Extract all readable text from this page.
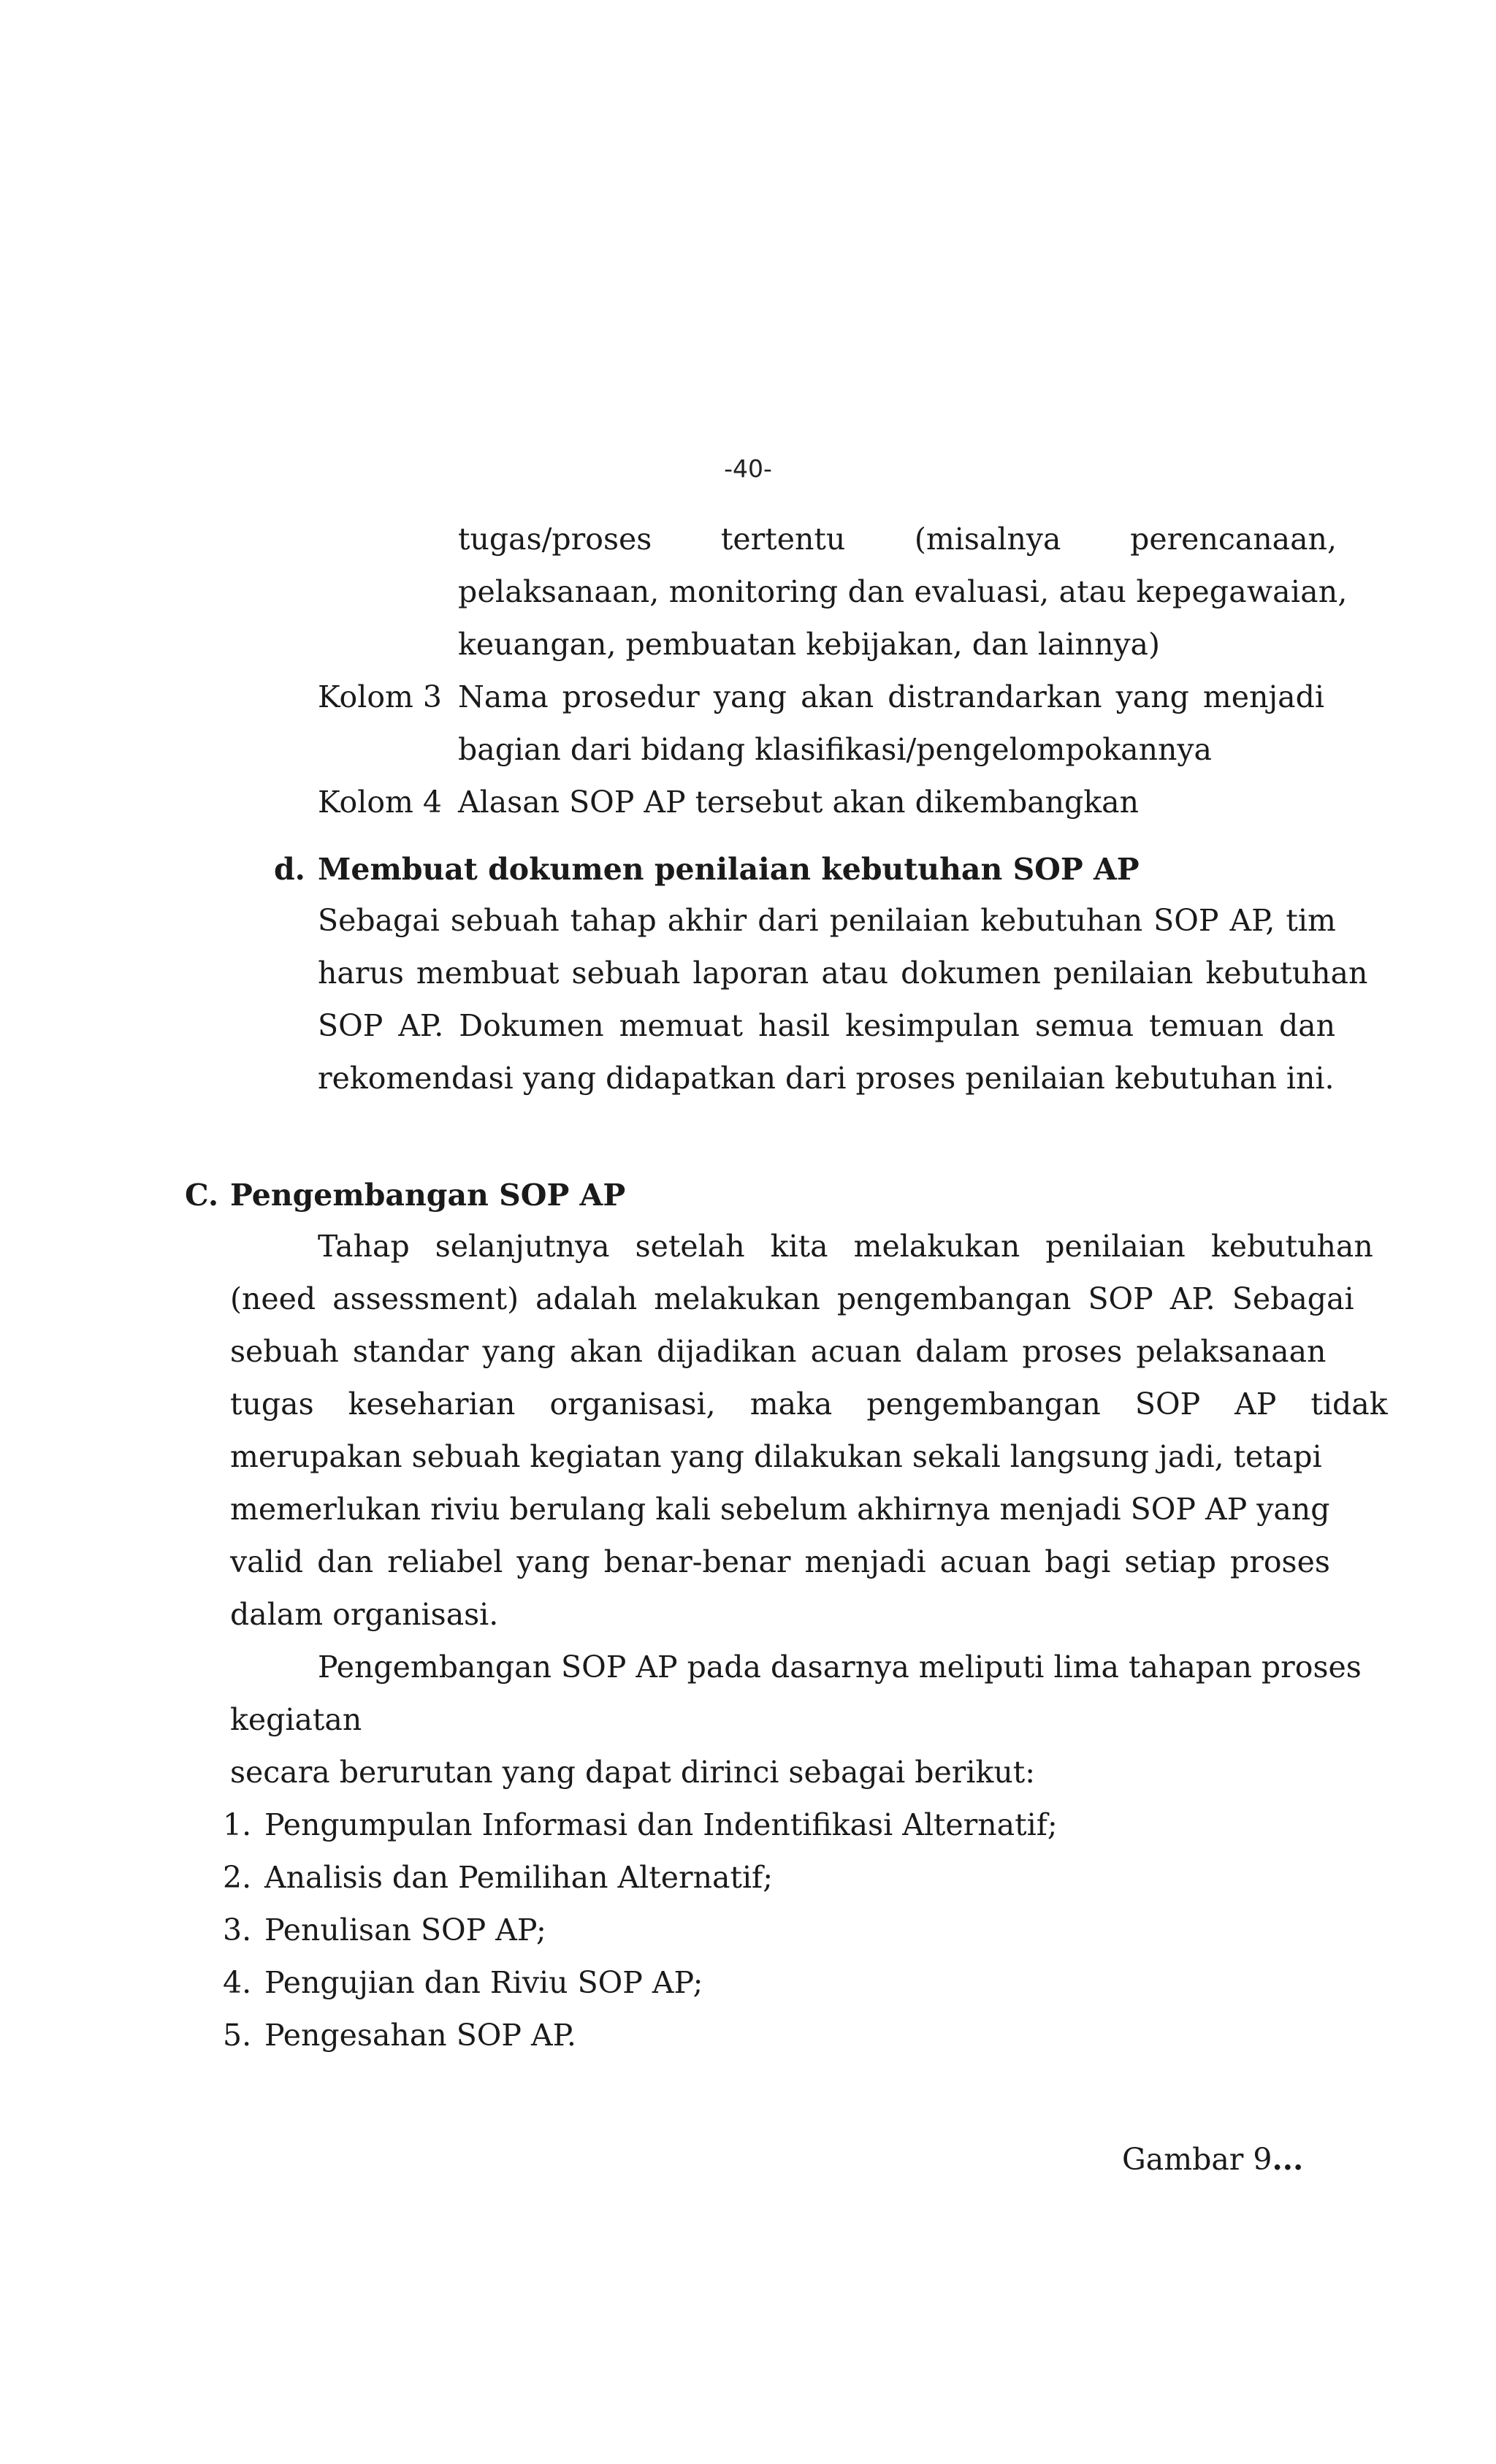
-40-
tugas/proses tertentu (misalnya perencanaan,
pelaksanaan, monitoring dan evaluasi, atau kepegawaian,
keuangan, pembuatan kebijakan, dan lainnya)
Kolom 3 Nama prosedur yang akan distrandarkan yang menjadi
bagian dari bidang klasifikasi/pengelompokannya
Kolom 4 Alasan SOP AP tersebut akan dikembangkan
d. Membuat dokumen penilaian kebutuhan SOP AP
Sebagai sebuah tahap akhir dari penilaian kebutuhan SOP AP, tim
harus membuat sebuah laporan atau dokumen penilaian kebutuhan
SOP AP. Dokumen memuat hasil kesimpulan semua temuan dan
rekomendasi yang didapatkan dari proses penilaian kebutuhan ini.
C. Pengembangan SOP AP
Tahap selanjutnya setelah kita melakukan penilaian kebutuhan
(need assessment) adalah melakukan pengembangan SOP AP. Sebagai
sebuah standar yang akan dijadikan acuan dalam proses pelaksanaan
tugas keseharian organisasi, maka pengembangan SOP AP tidak
merupakan sebuah kegiatan yang dilakukan sekali langsung jadi, tetapi
memerlukan riviu berulang kali sebelum akhirnya menjadi SOP AP yang
valid dan reliabel yang benar-benar menjadi acuan bagi setiap proses
dalam organisasi.
Pengembangan SOP AP pada dasarnya meliputi lima tahapan proses
kegiatan
secara berurutan yang dapat dirinci sebagai berikut:
1. Pengumpulan Informasi dan Indentifikasi Alternatif;
2. Analisis dan Pemilihan Alternatif;
3. Penulisan SOP AP;
4. Pengujian dan Riviu SOP AP;
5. Pengesahan SOP AP.
Gambar 9...
